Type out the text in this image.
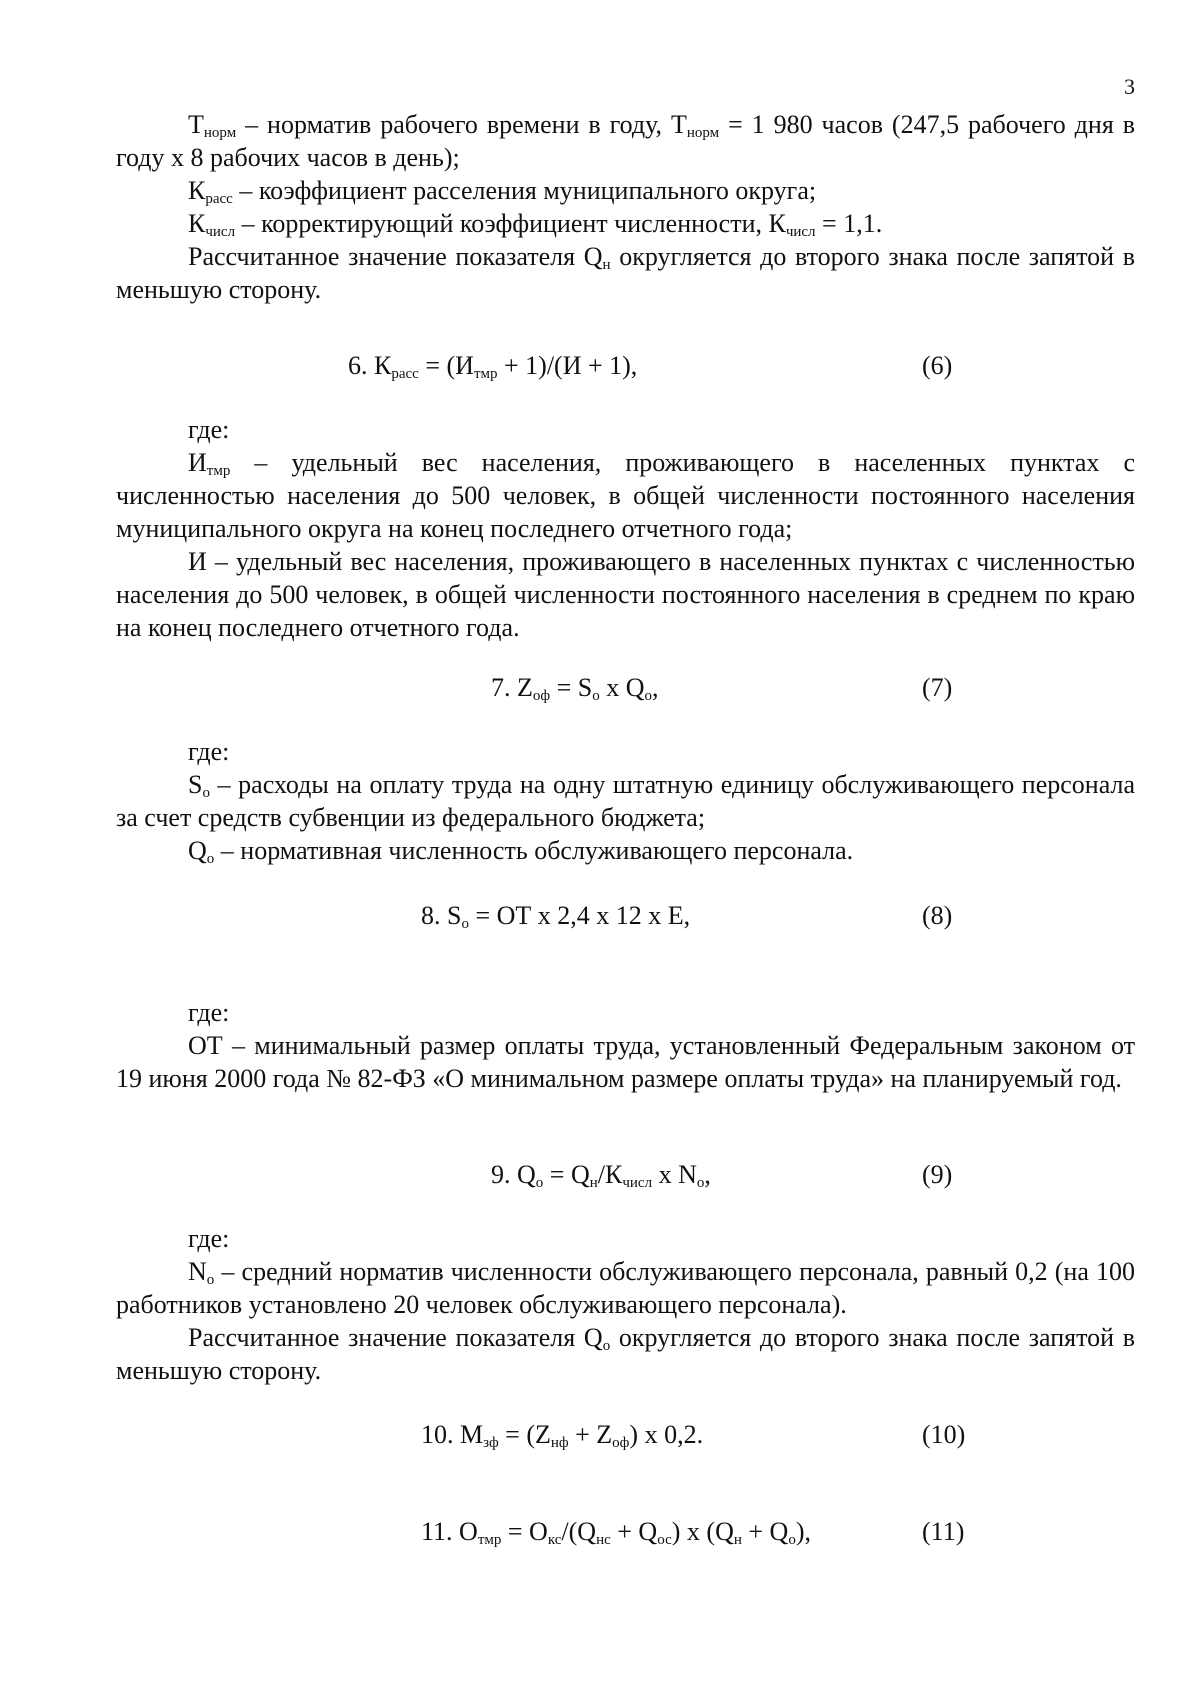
3

$Т_{норм}$ – норматив рабочего времени в году, $Т_{норм} = 1$ 980 часов (247,5 рабочего дня в году х 8 рабочих часов в день);

$К_{расс}$ – коэффициент расселения муниципального округа;

$К_{числ}$ – корректирующий коэффициент численности, $К_{числ} = 1,1$.

Рассчитанное значение показателя $Q_н$ округляется до второго знака после запятой в меньшую сторону.

6. $К_{расс} = (И_{тмр} + 1)/(И + 1)$,	(6)

где:

$И_{тмр}$ – удельный вес населения, проживающего в населенных пунктах с численностью населения до 500 человек, в общей численности постоянного населения муниципального округа на конец последнего отчетного года;

И – удельный вес населения, проживающего в населенных пунктах с численностью населения до 500 человек, в общей численности постоянного населения в среднем по краю на конец последнего отчетного года.

7. $Z_{оф} = S_о$ х $Q_о$,	(7)

где:

$S_о$ – расходы на оплату труда на одну штатную единицу обслуживающего персонала за счет средств субвенции из федерального бюджета;

$Q_о$ – нормативная численность обслуживающего персонала.

8. $S_о$ = ОТ х 2,4 х 12 х Е,	(8)

где:

ОТ – минимальный размер оплаты труда, установленный Федеральным законом от 19 июня 2000 года № 82-ФЗ «О минимальном размере оплаты труда» на планируемый год.

9. $Q_о = Q_н/К_{числ}$ х $N_о$,	(9)

где:

$N_о$ – средний норматив численности обслуживающего персонала, равный 0,2 (на 100 работников установлено 20 человек обслуживающего персонала).

Рассчитанное значение показателя $Q_о$ округляется до второго знака после запятой в меньшую сторону.

10. $М_{зф} = (Z_{нф} + Z_{оф})$ х 0,2.	(10)
11. $О_{тмр} = О_{кс}/(Q_{нс} + Q_{ос})$ х $(Q_н + Q_о)$,	(11)
